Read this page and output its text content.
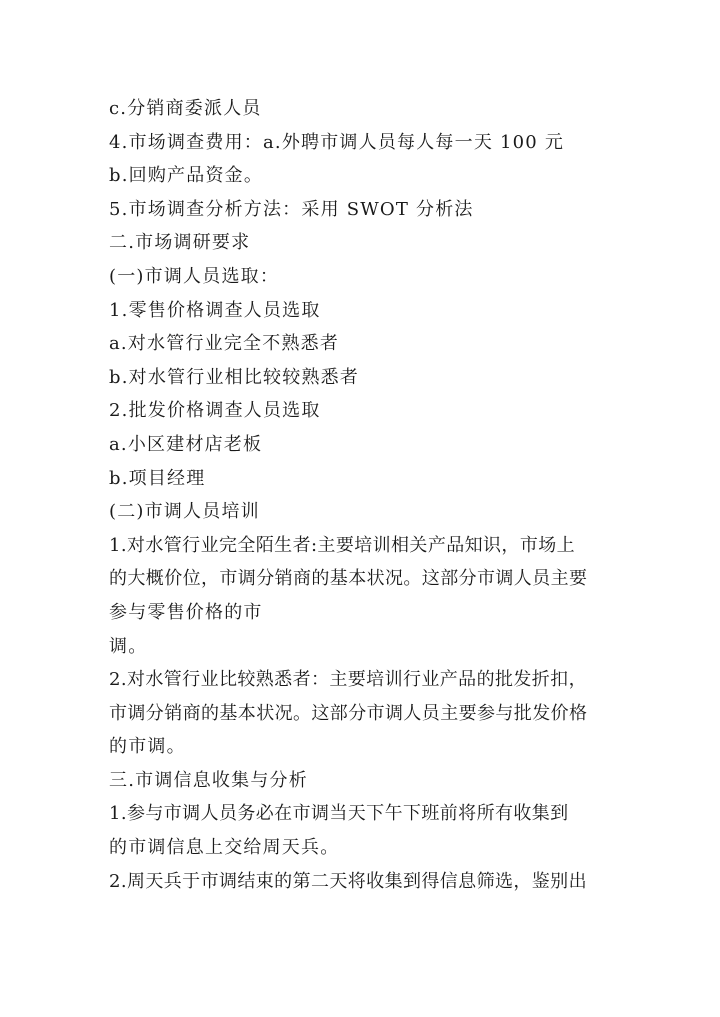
c.分销商委派人员
4.市场调查费用：a.外聘市调人员每人每一天 100 元
b.回购产品资金。
5.市场调查分析方法：采用 SWOT 分析法
二.市场调研要求
(一)市调人员选取：
1.零售价格调查人员选取
a.对水管行业完全不熟悉者
b.对水管行业相比较较熟悉者
2.批发价格调查人员选取
a.小区建材店老板
b.项目经理
(二)市调人员培训
1.对水管行业完全陌生者:主要培训相关产品知识，市场上
的大概价位，市调分销商的基本状况。这部分市调人员主要
参与零售价格的市
调。
2.对水管行业比较熟悉者：主要培训行业产品的批发折扣，
市调分销商的基本状况。这部分市调人员主要参与批发价格
的市调。
三.市调信息收集与分析
1.参与市调人员务必在市调当天下午下班前将所有收集到
的市调信息上交给周天兵。
2.周天兵于市调结束的第二天将收集到得信息筛选，鉴别出
